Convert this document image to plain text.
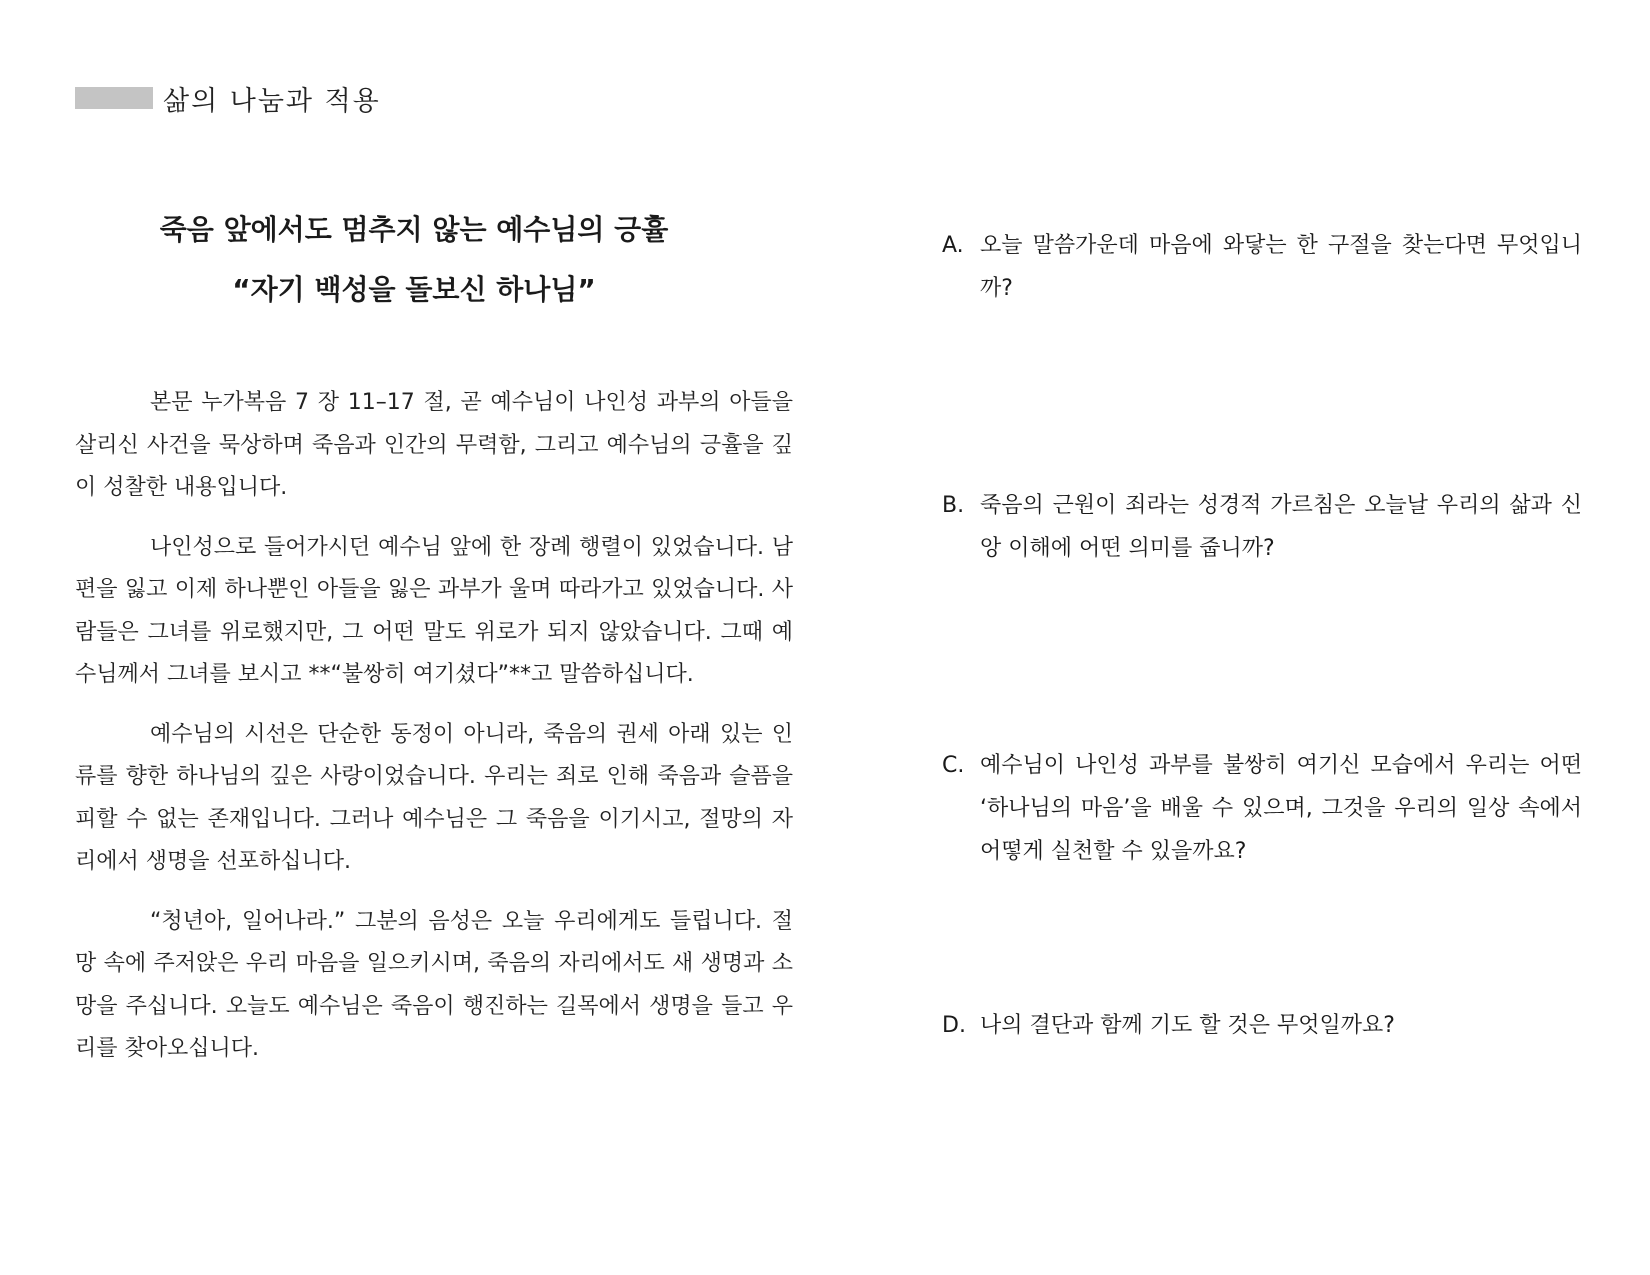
삶의 나눔과 적용
죽음 앞에서도 멈추지 않는 예수님의 긍휼
“자기 백성을 돌보신 하나님”

본문 누가복음 7 장 11–17 절, 곧 예수님이 나인성 과부의 아들을 살리신 사건을 묵상하며 죽음과 인간의 무력함, 그리고 예수님의 긍휼을 깊이 성찰한 내용입니다.

나인성으로 들어가시던 예수님 앞에 한 장례 행렬이 있었습니다. 남편을 잃고 이제 하나뿐인 아들을 잃은 과부가 울며 따라가고 있었습니다. 사람들은 그녀를 위로했지만, 그 어떤 말도 위로가 되지 않았습니다. 그때 예수님께서 그녀를 보시고 **“불쌍히 여기셨다”**고 말씀하십니다.

예수님의 시선은 단순한 동정이 아니라, 죽음의 권세 아래 있는 인류를 향한 하나님의 깊은 사랑이었습니다. 우리는 죄로 인해 죽음과 슬픔을 피할 수 없는 존재입니다. 그러나 예수님은 그 죽음을 이기시고, 절망의 자리에서 생명을 선포하십니다.

“청년아, 일어나라.” 그분의 음성은 오늘 우리에게도 들립니다. 절망 속에 주저앉은 우리 마음을 일으키시며, 죽음의 자리에서도 새 생명과 소망을 주십니다. 오늘도 예수님은 죽음이 행진하는 길목에서 생명을 들고 우리를 찾아오십니다.

A. 오늘 말씀가운데 마음에 와닿는 한 구절을 찾는다면 무엇입니까?
B. 죽음의 근원이 죄라는 성경적 가르침은 오늘날 우리의 삶과 신앙 이해에 어떤 의미를 줍니까?
C. 예수님이 나인성 과부를 불쌍히 여기신 모습에서 우리는 어떤 ‘하나님의 마음’을 배울 수 있으며, 그것을 우리의 일상 속에서 어떻게 실천할 수 있을까요?
D. 나의 결단과 함께 기도 할 것은 무엇일까요?
